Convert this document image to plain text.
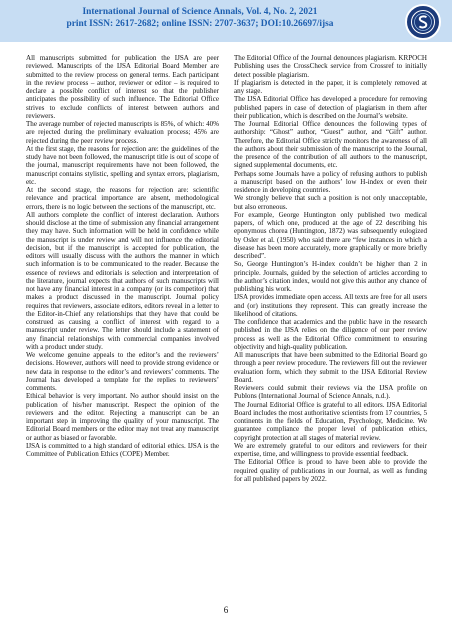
International Journal of Science Annals, Vol. 4, No. 2, 2021
print ISSN: 2617-2682; online ISSN: 2707-3637; DOI:10.26697/ijsa

All manuscripts submitted for publication the IJSA are peer reviewed. Manuscripts of the IJSA Editorial Board Member are submitted to the review process on general terms. Each participant in the review process – author, reviewer or editor – is required to declare a possible conflict of interest so that the publisher anticipates the possibility of such influence. The Editorial Office strives to exclude conflicts of interest between authors and reviewers.

The average number of rejected manuscripts is 85%, of which: 40% are rejected during the preliminary evaluation process; 45% are rejected during the peer review process.

At the first stage, the reasons for rejection are: the guidelines of the study have not been followed, the manuscript title is out of scope of the journal, manuscript requirements have not been followed, the manuscript contains stylistic, spelling and syntax errors, plagiarism, etc.

At the second stage, the reasons for rejection are: scientific relevance and practical importance are absent, methodological errors, there is no logic between the sections of the manuscript, etc.

All authors complete the conflict of interest declaration. Authors should disclose at the time of submission any financial arrangement they may have. Such information will be held in confidence while the manuscript is under review and will not influence the editorial decision, but if the manuscript is accepted for publication, the editors will usually discuss with the authors the manner in which such information is to be communicated to the reader. Because the essence of reviews and editorials is selection and interpretation of the literature, journal expects that authors of such manuscripts will not have any financial interest in a company (or its competitor) that makes a product discussed in the manuscript. Journal policy requires that reviewers, associate editors, editors reveal in a letter to the Editor-in-Chief any relationships that they have that could be construed as causing a conflict of interest with regard to a manuscript under review. The letter should include a statement of any financial relationships with commercial companies involved with a product under study.

We welcome genuine appeals to the editor’s and the reviewers’ decisions. However, authors will need to provide strong evidence or new data in response to the editor’s and reviewers’ comments. The Journal has developed a template for the replies to reviewers’ comments.

Ethical behavior is very important. No author should insist on the publication of his/her manuscript. Respect the opinion of the reviewers and the editor. Rejecting a manuscript can be an important step in improving the quality of your manuscript. The Editorial Board members or the editor may not treat any manuscript or author as biased or favorable.

IJSA is committed to a high standard of editorial ethics. IJSA is the Committee of Publication Ethics (COPE) Member.

The Editorial Office of the Journal denounces plagiarism. KRPOCH Publishing uses the CrossCheck service from Crossref to initially detect possible plagiarism.

If plagiarism is detected in the paper, it is completely removed at any stage.

The IJSA Editorial Office has developed a procedure for removing published papers in case of detection of plagiarism in them after their publication, which is described on the Journal’s website.

The Journal Editorial Office denounces the following types of authorship: “Ghost” author, “Guest” author, and “Gift” author. Therefore, the Editorial Office strictly monitors the awareness of all the authors about their submission of the manuscript to the Journal, the presence of the contribution of all authors to the manuscript, signed supplemental documents, etc.

Perhaps some Journals have a policy of refusing authors to publish a manuscript based on the authors’ low H-index or even their residence in developing countries.

We strongly believe that such a position is not only unacceptable, but also erroneous.

For example, George Huntington only published two medical papers, of which one, produced at the age of 22 describing his eponymous chorea (Huntington, 1872) was subsequently eulogized by Osler et al. (1950) who said there are “few instances in which a disease has been more accurately, more graphically or more briefly described”.

So, George Huntington’s H-index couldn’t be higher than 2 in principle. Journals, guided by the selection of articles according to the author’s citation index, would not give this author any chance of publishing his work.

IJSA provides immediate open access. All texts are free for all users and (or) institutions they represent. This can greatly increase the likelihood of citations.

The confidence that academics and the public have in the research published in the IJSA relies on the diligence of our peer review process as well as the Editorial Office commitment to ensuring objectivity and high-quality publication.

All manuscripts that have been submitted to the Editorial Board go through a peer review procedure. The reviewers fill out the reviewer evaluation form, which they submit to the IJSA Editorial Review Board.

Reviewers could submit their reviews via the IJSA profile on Publons (International Journal of Science Annals, n.d.).

The Journal Editorial Office is grateful to all editors. IJSA Editorial Board includes the most authoritative scientists from 17 countries, 5 continents in the fields of Education, Psychology, Medicine. We guarantee compliance the proper level of publication ethics, copyright protection at all stages of material review.

We are extremely grateful to our editors and reviewers for their expertise, time, and willingness to provide essential feedback.

The Editorial Office is proud to have been able to provide the required quality of publications in our Journal, as well as funding for all published papers by 2022.

6
